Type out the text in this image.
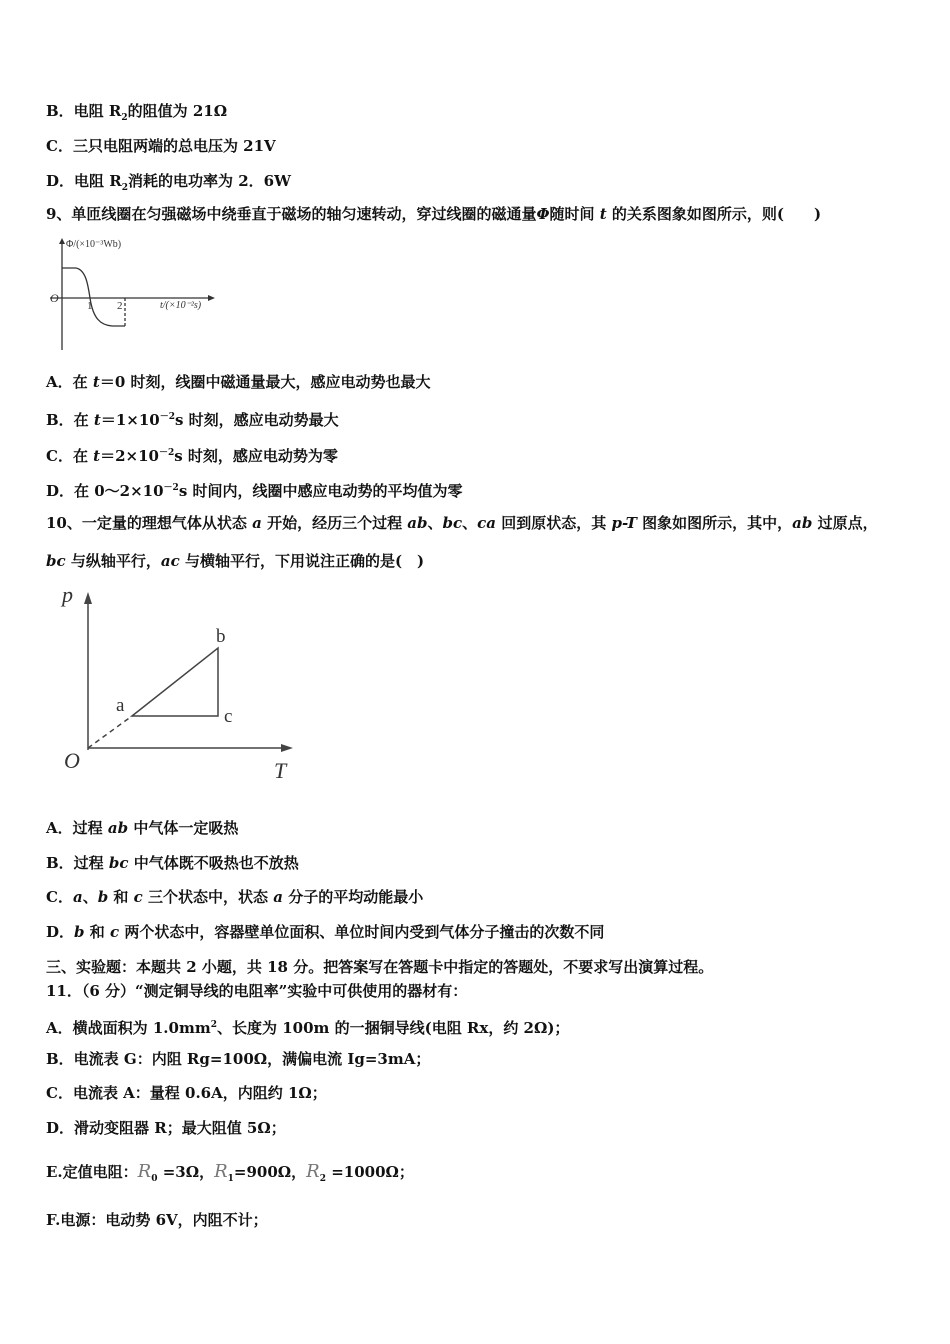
B．电阻 $R_2$的阻值为 21Ω
C．三只电阻两端的总电压为 21V
D．电阻 $R_2$消耗的电功率为 2．6W
9、单匝线圈在匀强磁场中绕垂直于磁场的轴匀速转动，穿过线圈的磁通量Φ随时间 t 的关系图象如图所示，则(　　)
A．在 t＝0 时刻，线圈中磁通量最大，感应电动势也最大
B．在 $t=1\times 10^{-2}s$ 时刻，感应电动势最大
C．在 $t=2\times 10^{-2}s$ 时刻，感应电动势为零
D．在 $0\sim 2\times 10^{-2}s$ 时间内，线圈中感应电动势的平均值为零
10、一定量的理想气体从状态 a 开始，经历三个过程 ab、bc、ca 回到原状态，其 p-T 图象如图所示，其中，ab 过原点，
bc 与纵轴平行，ac 与横轴平行，下用说注正确的是(　)
A．过程 ab 中气体一定吸热
B．过程 bc 中气体既不吸热也不放热
C．a、b 和 c 三个状态中，状态 a 分子的平均动能最小
D．b 和 c 两个状态中，容器壁单位面积、单位时间内受到气体分子撞击的次数不同
三、实验题：本题共 2 小题，共 18 分。把答案写在答题卡中指定的答题处，不要求写出演算过程。
11．（6 分）“测定铜导线的电阻率”实验中可供使用的器材有：
A．横战面积为 $1.0mm^2$、长度为 100m 的一捆铜导线(电阻 Rx，约 2Ω)；
B．电流表 G：内阻 Rg=100Ω，满偏电流 Ig=3mA；
C．电流表 A：量程 0.6A，内阻约 1Ω；
D．滑动变阻器 R；最大阻值 5Ω；
E.定值电阻：$R_0 =3\Omega$，$R_1=900\Omega$，$R_2 =1000\Omega$；
F.电源：电动势 6V，内阻不计；
Φ/(×10⁻³Wb)
t/(×10⁻²s)
O
1 2
p
T
O
a
b
c
